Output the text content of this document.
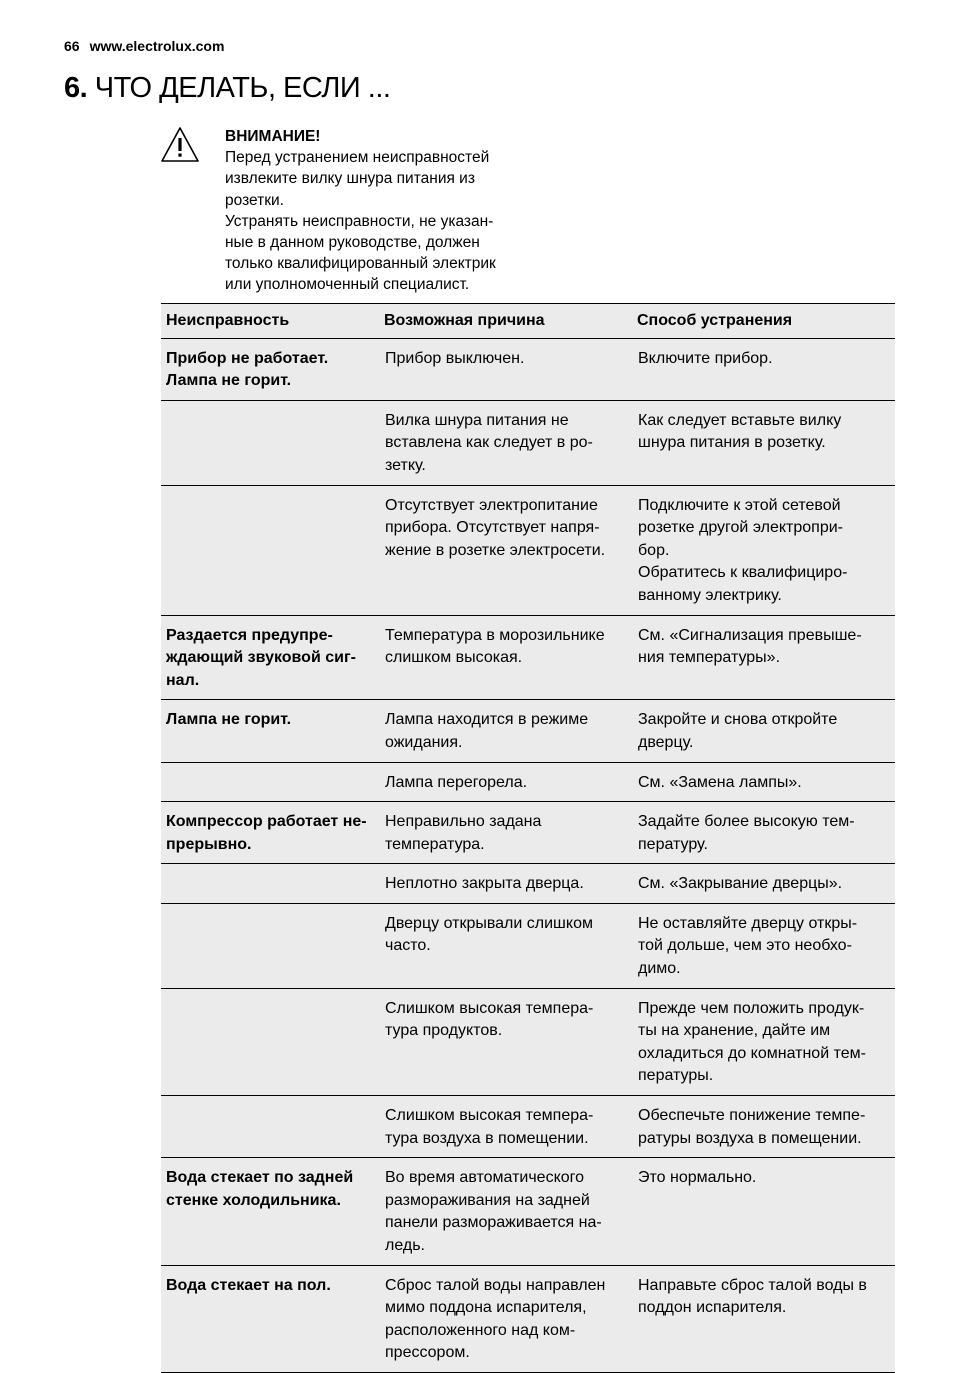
66 www.electrolux.com
6. ЧТО ДЕЛАТЬ, ЕСЛИ ...
ВНИМАНИЕ!

Перед устранением неисправностей
извлеките вилку шнура питания из
розетки.

Устранять неисправности, не указан-
ные в данном руководстве, должен
только квалифицированный электрик
или уполномоченный специалист.

Неисправность	Возможная причина	Способ устранения

Прибор не работает.
Лампа не горит.	Прибор выключен.	Включите прибор.

	Вилка шнура питания не
вставлена как следует в ро-
зетку.	Как следует вставьте вилку
шнура питания в розетку.

	Отсутствует электропитание
прибора. Отсутствует напря-
жение в розетке электросети.	Подключите к этой сетевой
розетке другой электропри-
бор.
Обратитесь к квалифициро-
ванному электрику.

Раздается предупре-
ждающий звуковой сиг-
нал.	Температура в морозильнике
слишком высокая.	См. «Сигнализация превыше-
ния температуры».

Лампа не горит.	Лампа находится в режиме
ожидания.	Закройте и снова откройте
дверцу.

	Лампа перегорела.	См. «Замена лампы».

Компрессор работает не-
прерывно.	Неправильно задана
температура.	Задайте более высокую тем-
пературу.

	Неплотно закрыта дверца.	См. «Закрывание дверцы».

	Дверцу открывали слишком
часто.	Не оставляйте дверцу откры-
той дольше, чем это необхо-
димо.

	Слишком высокая темпера-
тура продуктов.	Прежде чем положить продук-
ты на хранение, дайте им
охладиться до комнатной тем-
пературы.

	Слишком высокая темпера-
тура воздуха в помещении.	Обеспечьте понижение темпе-
ратуры воздуха в помещении.

Вода стекает по задней
стенке холодильника.	Во время автоматического
размораживания на задней
панели размораживается на-
ледь.	Это нормально.

Вода стекает на пол.	Сброс талой воды направлен
мимо поддона испарителя,
расположенного над ком-
прессором.	Направьте сброс талой воды в
поддон испарителя.
